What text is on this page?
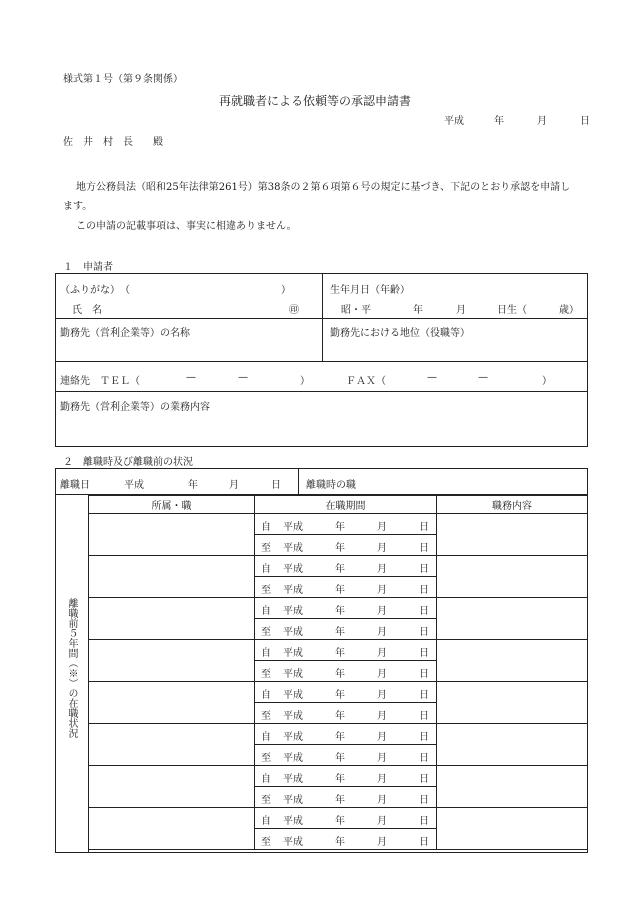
様式第１号（第９条関係）
再就職者による依頼等の承認申請書
平成	年	月	日
佐　井　村　長　　殿
地方公務員法（昭和25年法律第261号）第38条の２第６項第６号の規定に基づき、下記のとおり承認を申請し
ます。
この申請の記載事項は、事実に相違ありません。
１　申請者
（ふりがな）　（	）
氏　名	㊞
生年月日（年齢）
昭・平	年	月	日生（	歳）
勤務先（営利企業等）の名称	勤務先における地位（役職等）
連絡先　ＴＥＬ（	—	—	）	ＦＡＸ（	—	—	）
勤務先（営利企業等）の業務内容
２　離職時及び離職前の状況
離職日	平成	年	月	日	離職時の職
離職前５年間（※）の在職状況
所属・職	在職期間	職務内容

	自 平成 年 月 日	

	至 平成 年 月 日	

	自 平成 年 月 日	

	至 平成 年 月 日	

	自 平成 年 月 日	

	至 平成 年 月 日	

	自 平成 年 月 日	

	至 平成 年 月 日	

	自 平成 年 月 日	

	至 平成 年 月 日	

	自 平成 年 月 日	

	至 平成 年 月 日	

	自 平成 年 月 日	

	至 平成 年 月 日	

	自 平成 年 月 日	

	至 平成 年 月 日	
